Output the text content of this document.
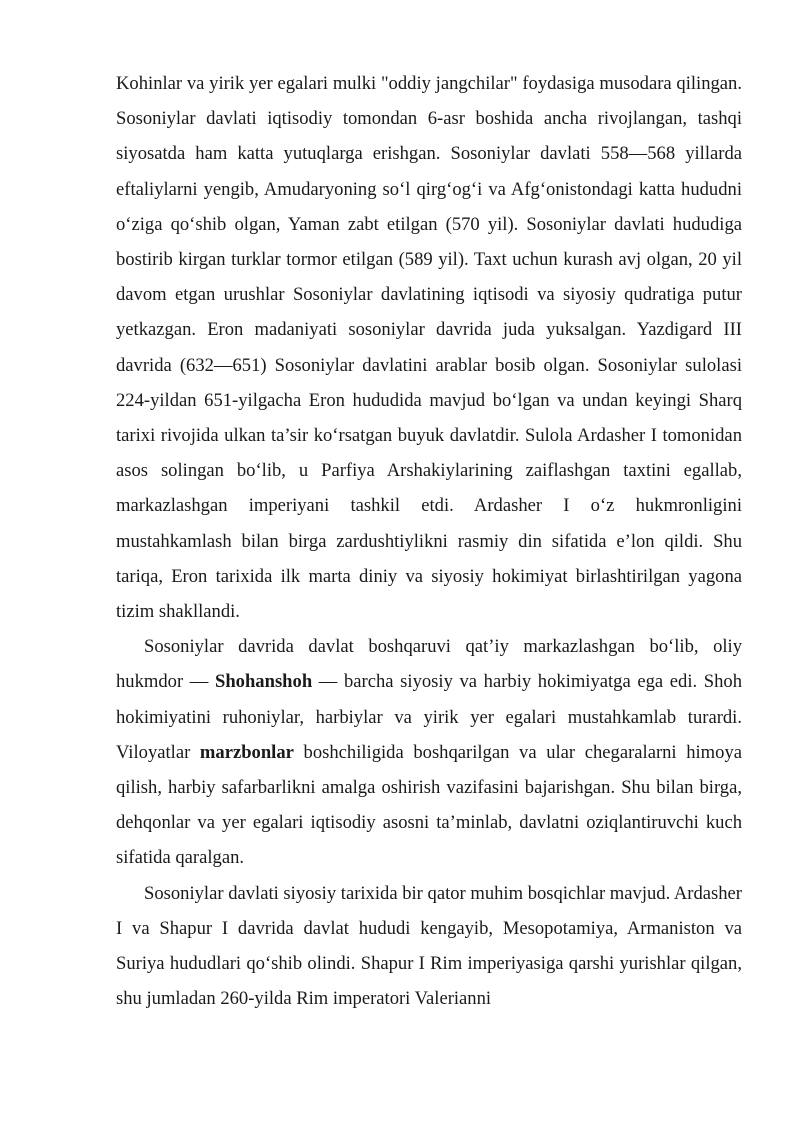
Kohinlar va yirik yer egalari mulki "oddiy jangchilar" foydasiga musodara qilingan. Sosoniylar davlati iqtisodiy tomondan 6-asr boshida ancha rivojlangan, tashqi siyosatda ham katta yutuqlarga erishgan. Sosoniylar davlati 558—568 yillarda eftaliylarni yengib, Amudaryoning so‘l qirg‘og‘i va Afg‘onistondagi katta hududni o‘ziga qo‘shib olgan, Yaman zabt etilgan (570 yil). Sosoniylar davlati hududiga bostirib kirgan turklar tormor etilgan (589 yil). Taxt uchun kurash avj olgan, 20 yil davom etgan urushlar Sosoniylar davlatining iqtisodi va siyosiy qudratiga putur yetkazgan. Eron madaniyati sosoniylar davrida juda yuksalgan. Yazdigard III davrida (632—651) Sosoniylar davlatini arablar bosib olgan. Sosoniylar sulolasi 224-yildan 651-yilgacha Eron hududida mavjud bo‘lgan va undan keyingi Sharq tarixi rivojida ulkan ta’sir ko‘rsatgan buyuk davlatdir. Sulola Ardasher I tomonidan asos solingan bo‘lib, u Parfiya Arshakiylarining zaiflashgan taxtini egallab, markazlashgan imperiyani tashkil etdi. Ardasher I o‘z hukmronligini mustahkamlash bilan birga zardushtiylikni rasmiy din sifatida e’lon qildi. Shu tariqa, Eron tarixida ilk marta diniy va siyosiy hokimiyat birlashtirilgan yagona tizim shakllandi.

Sosoniylar davrida davlat boshqaruvi qat’iy markazlashgan bo‘lib, oliy hukmdor — Shohanshoh — barcha siyosiy va harbiy hokimiyatga ega edi. Shoh hokimiyatini ruhoniylar, harbiylar va yirik yer egalari mustahkamlab turardi. Viloyatlar marzbonlar boshchiligida boshqarilgan va ular chegaralarni himoya qilish, harbiy safarbarlikni amalga oshirish vazifasini bajarishgan. Shu bilan birga, dehqonlar va yer egalari iqtisodiy asosni ta’minlab, davlatni oziqlantiruvchi kuch sifatida qaralgan.

Sosoniylar davlati siyosiy tarixida bir qator muhim bosqichlar mavjud. Ardasher I va Shapur I davrida davlat hududi kengayib, Mesopotamiya, Armaniston va Suriya hududlari qo‘shib olindi. Shapur I Rim imperiyasiga qarshi yurishlar qilgan, shu jumladan 260-yilda Rim imperatori Valerianni
